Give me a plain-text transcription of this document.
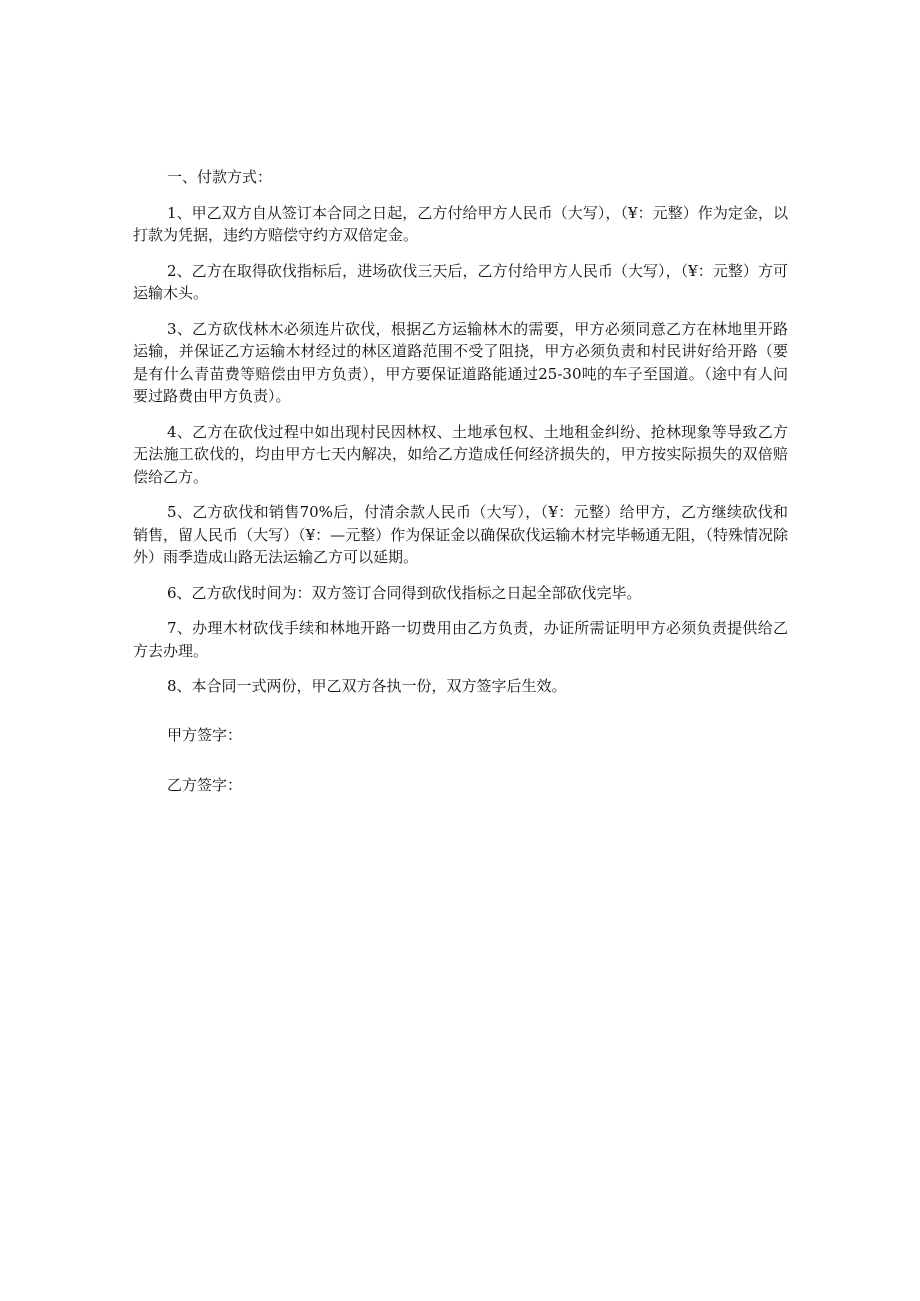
一、付款方式：

1、甲乙双方自从签订本合同之日起，乙方付给甲方人民币（大写），（¥：元整）作为定金，以打款为凭据，违约方赔偿守约方双倍定金。

2、乙方在取得砍伐指标后，进场砍伐三天后，乙方付给甲方人民币（大写），（¥：元整）方可运输木头。

3、乙方砍伐林木必须连片砍伐，根据乙方运输林木的需要，甲方必须同意乙方在林地里开路运输，并保证乙方运输木材经过的林区道路范围不受了阻挠，甲方必须负责和村民讲好给开路（要是有什么青苗费等赔偿由甲方负责），甲方要保证道路能通过25-30吨的车子至国道。（途中有人问要过路费由甲方负责）。

4、乙方在砍伐过程中如出现村民因林权、土地承包权、土地租金纠纷、抢林现象等导致乙方无法施工砍伐的，均由甲方七天内解决，如给乙方造成任何经济损失的，甲方按实际损失的双倍赔偿给乙方。

5、乙方砍伐和销售70%后，付清余款人民币（大写），（¥：元整）给甲方，乙方继续砍伐和销售，留人民币（大写）（¥：—元整）作为保证金以确保砍伐运输木材完毕畅通无阻，（特殊情况除外）雨季造成山路无法运输乙方可以延期。

6、乙方砍伐时间为：双方签订合同得到砍伐指标之日起全部砍伐完毕。

7、办理木材砍伐手续和林地开路一切费用由乙方负责，办证所需证明甲方必须负责提供给乙方去办理。

8、本合同一式两份，甲乙双方各执一份，双方签字后生效。

甲方签字：

乙方签字：
